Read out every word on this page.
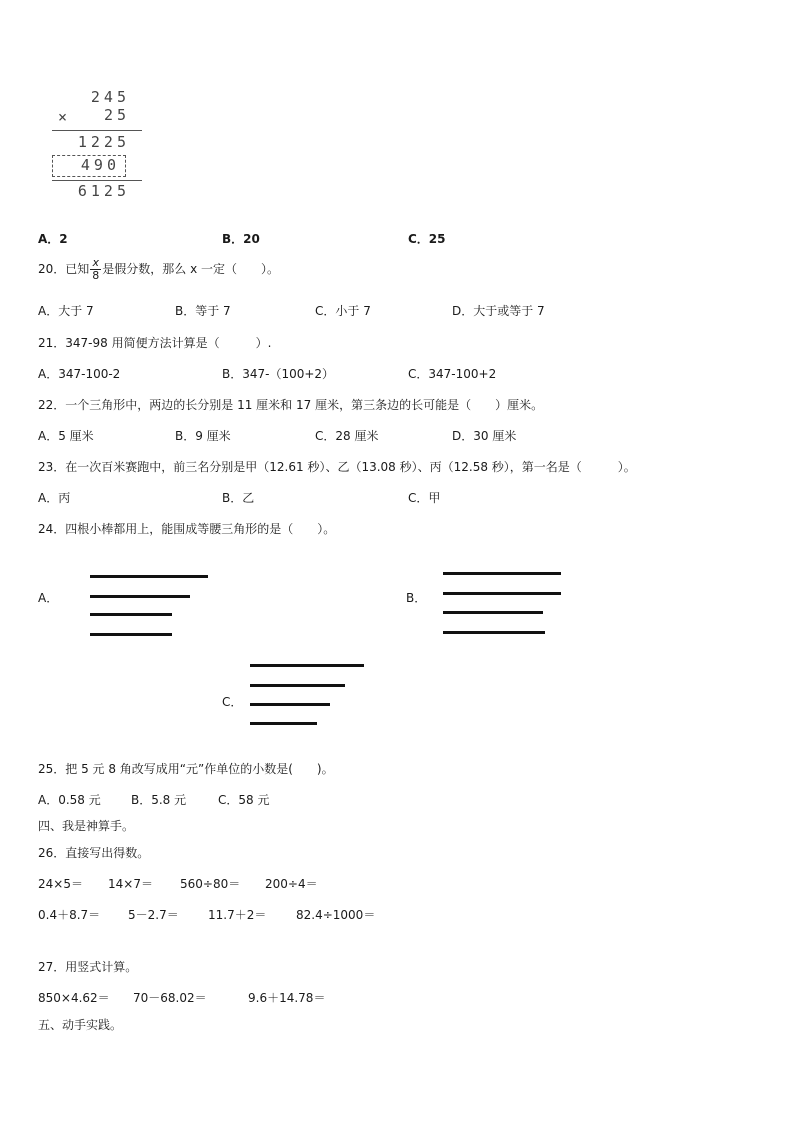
245
× 25
1225
490
6125
A．2	B．20	C．25
20．已知 $\frac{x}{8}$ 是假分数，那么 x 一定（　　）。
A．大于 7	B．等于 7	C．小于 7	D．大于或等于 7
21．347-98 用简便方法计算是（　　　）.
A．347-100-2	B．347-（100+2）	C．347-100+2
22．一个三角形中，两边的长分别是 11 厘米和 17 厘米，第三条边的长可能是（　　）厘米。
A．5 厘米	B．9 厘米	C．28 厘米	D．30 厘米
23．在一次百米赛跑中，前三名分别是甲（12.61 秒）、乙（13.08 秒）、丙（12.58 秒），第一名是（　　　）。
A．丙	B．乙	C．甲
24．四根小棒都用上，能围成等腰三角形的是（　　）。
A．	B．
C．
25．把 5 元 8 角改写成用“元”作单位的小数是(　　)。
A．0.58 元	B．5.8 元	C．58 元
四、我是神算手。
26．直接写出得数。
24×5＝ 14×7＝ 560÷80＝ 200÷4＝
0.4＋8.7＝ 5－2.7＝ 11.7＋2＝ 82.4÷1000＝
27．用竖式计算。
850×4.62＝ 70－68.02＝	9.6＋14.78＝
五、动手实践。
